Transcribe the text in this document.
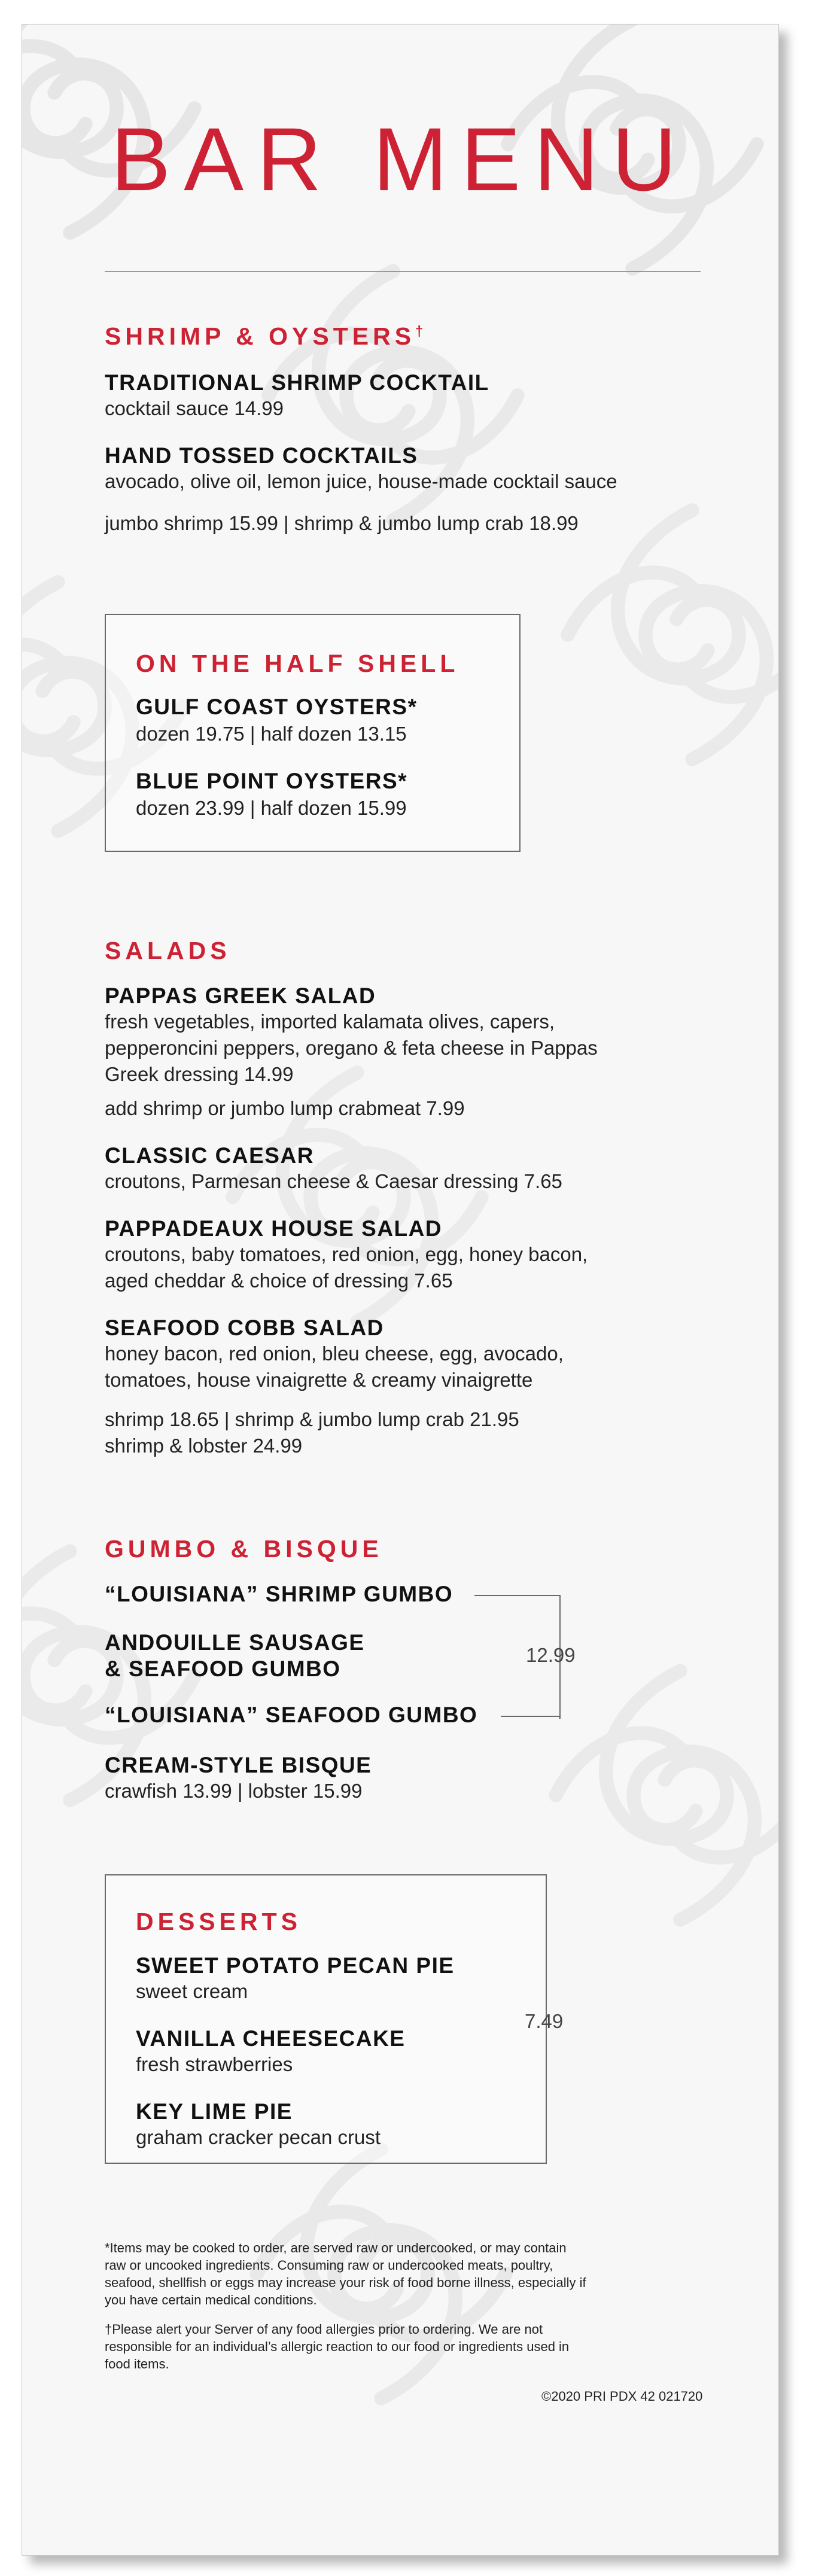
BAR MENU
SHRIMP & OYSTERS†
TRADITIONAL SHRIMP COCKTAIL
cocktail sauce 14.99
HAND TOSSED COCKTAILS
avocado, olive oil, lemon juice, house-made cocktail sauce
jumbo shrimp 15.99 | shrimp & jumbo lump crab 18.99
ON THE HALF SHELL
GULF COAST OYSTERS*
dozen 19.75 | half dozen 13.15
BLUE POINT OYSTERS*
dozen 23.99 | half dozen 15.99
SALADS
PAPPAS GREEK SALAD
fresh vegetables, imported kalamata olives, capers,
pepperoncini peppers, oregano & feta cheese in Pappas
Greek dressing 14.99
add shrimp or jumbo lump crabmeat 7.99
CLASSIC CAESAR
croutons, Parmesan cheese & Caesar dressing 7.65
PAPPADEAUX HOUSE SALAD
croutons, baby tomatoes, red onion, egg, honey bacon,
aged cheddar & choice of dressing 7.65
SEAFOOD COBB SALAD
honey bacon, red onion, bleu cheese, egg, avocado,
tomatoes, house vinaigrette & creamy vinaigrette
shrimp 18.65 | shrimp & jumbo lump crab 21.95
shrimp & lobster 24.99
GUMBO & BISQUE
“LOUISIANA” SHRIMP GUMBO
ANDOUILLE SAUSAGE
& SEAFOOD GUMBO
“LOUISIANA” SEAFOOD GUMBO
12.99
CREAM-STYLE BISQUE
crawfish 13.99 | lobster 15.99
DESSERTS
SWEET POTATO PECAN PIE
sweet cream
VANILLA CHEESECAKE
fresh strawberries
KEY LIME PIE
graham cracker pecan crust
7.49
*Items may be cooked to order, are served raw or undercooked, or may contain
raw or uncooked ingredients. Consuming raw or undercooked meats, poultry,
seafood, shellfish or eggs may increase your risk of food borne illness, especially if
you have certain medical conditions.
†Please alert your Server of any food allergies prior to ordering. We are not
responsible for an individual’s allergic reaction to our food or ingredients used in
food items.
©2020 PRI PDX 42 021720
